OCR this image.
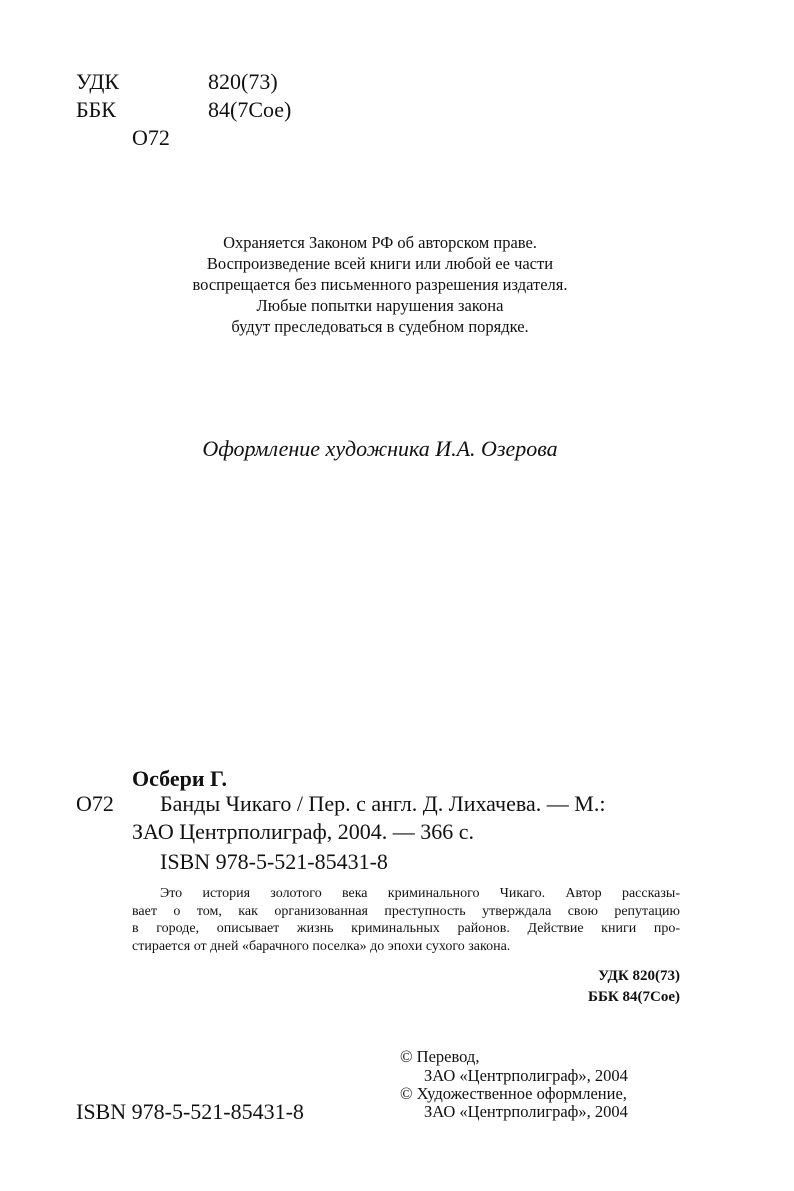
УДК	820(73)
ББК	84(7Сое)
О72
Охраняется Законом РФ об авторском праве.
Воспроизведение всей книги или любой ее части
воспрещается без письменного разрешения издателя.
Любые попытки нарушения закона
будут преследоваться в судебном порядке.
Оформление художника И.А. Озерова
Осбери Г.
О72 Банды Чикаго / Пер. с англ. Д. Лихачева. — М.:
ЗАО Центрполиграф, 2004. — 366 с.
ISBN 978-5-521-85431-8
Это история золотого века криминального Чикаго. Автор рассказы-
вает о том, как организованная преступность утверждала свою репутацию
в городе, описывает жизнь криминальных районов. Действие книги про-
стирается от дней «барачного поселка» до эпохи сухого закона.
УДК 820(73)
ББК 84(7Сое)
© Перевод,
ЗАО «Центрполиграф», 2004
© Художественное оформление,
ЗАО «Центрполиграф», 2004
ISBN 978-5-521-85431-8
